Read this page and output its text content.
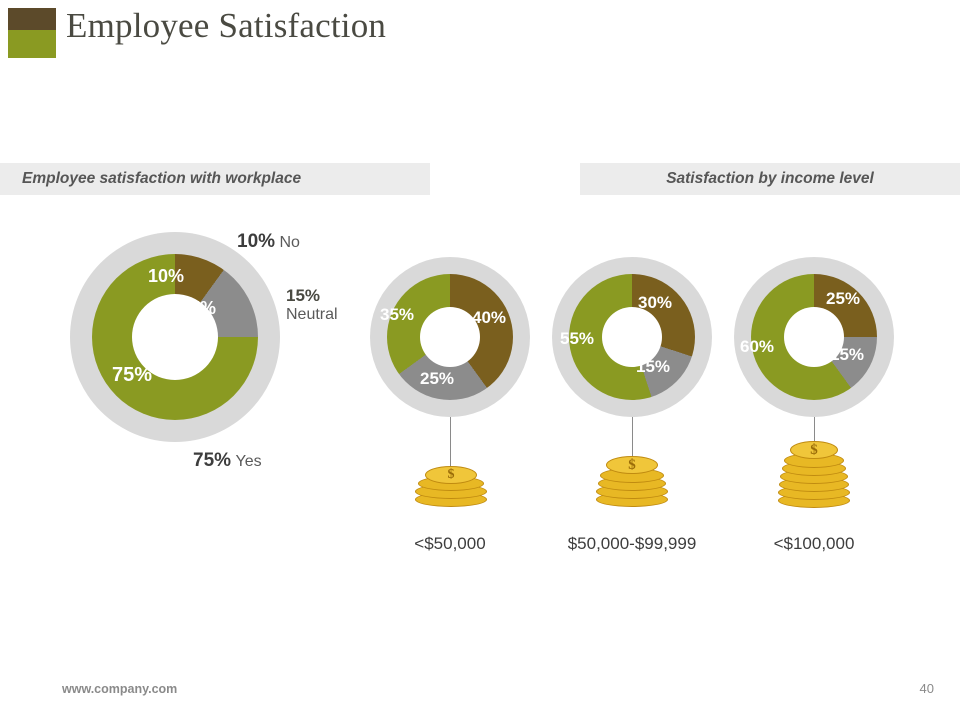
Employee Satisfaction
Employee satisfaction with workplace	Satisfaction by income level
10%
15%
75%
10% No
15%
Neutral
75% Yes
40%
25%
35%
$
<$50,000
30%
15%
55%
$
$50,000-$99,999
25%
15%
60%
$
<$100,000
www.company.com	40
